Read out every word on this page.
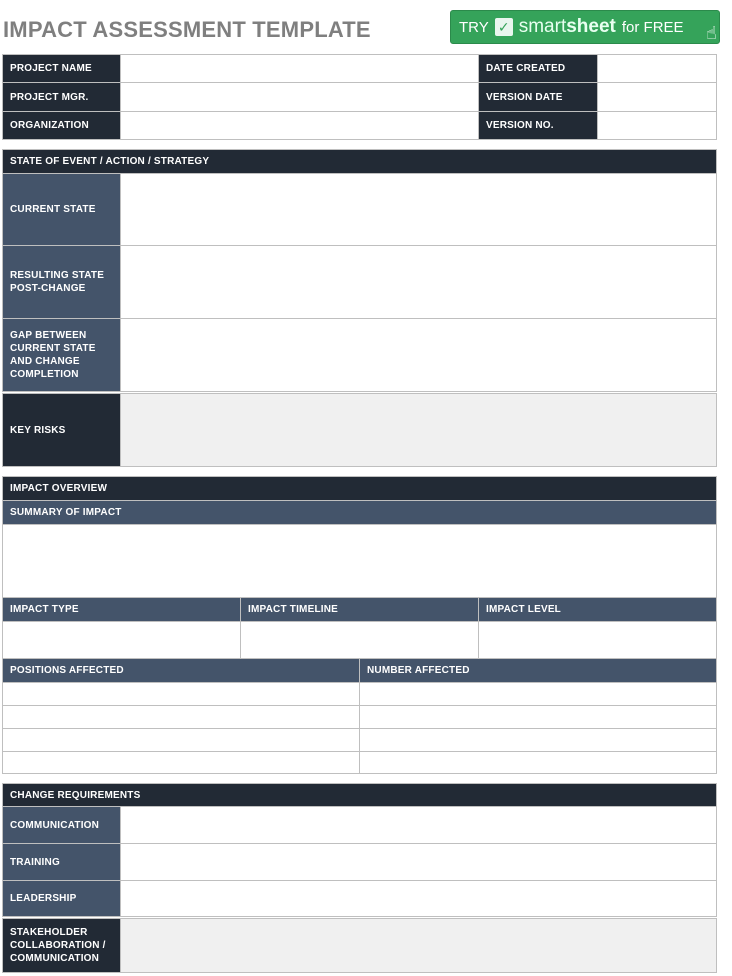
IMPACT ASSESSMENT TEMPLATE	TRY ✓ smartsheet for FREE ☝
PROJECT NAME	DATE CREATED
PROJECT MGR.	VERSION DATE
ORGANIZATION	VERSION NO.
STATE OF EVENT / ACTION / STRATEGY
CURRENT STATE
RESULTING STATE
POST-CHANGE
GAP BETWEEN
CURRENT STATE
AND CHANGE
COMPLETION
KEY RISKS
IMPACT OVERVIEW
SUMMARY OF IMPACT
IMPACT TYPE	IMPACT TIMELINE	IMPACT LEVEL
POSITIONS AFFECTED	NUMBER AFFECTED
CHANGE REQUIREMENTS
COMMUNICATION
TRAINING
LEADERSHIP
STAKEHOLDER
COLLABORATION /
COMMUNICATION
